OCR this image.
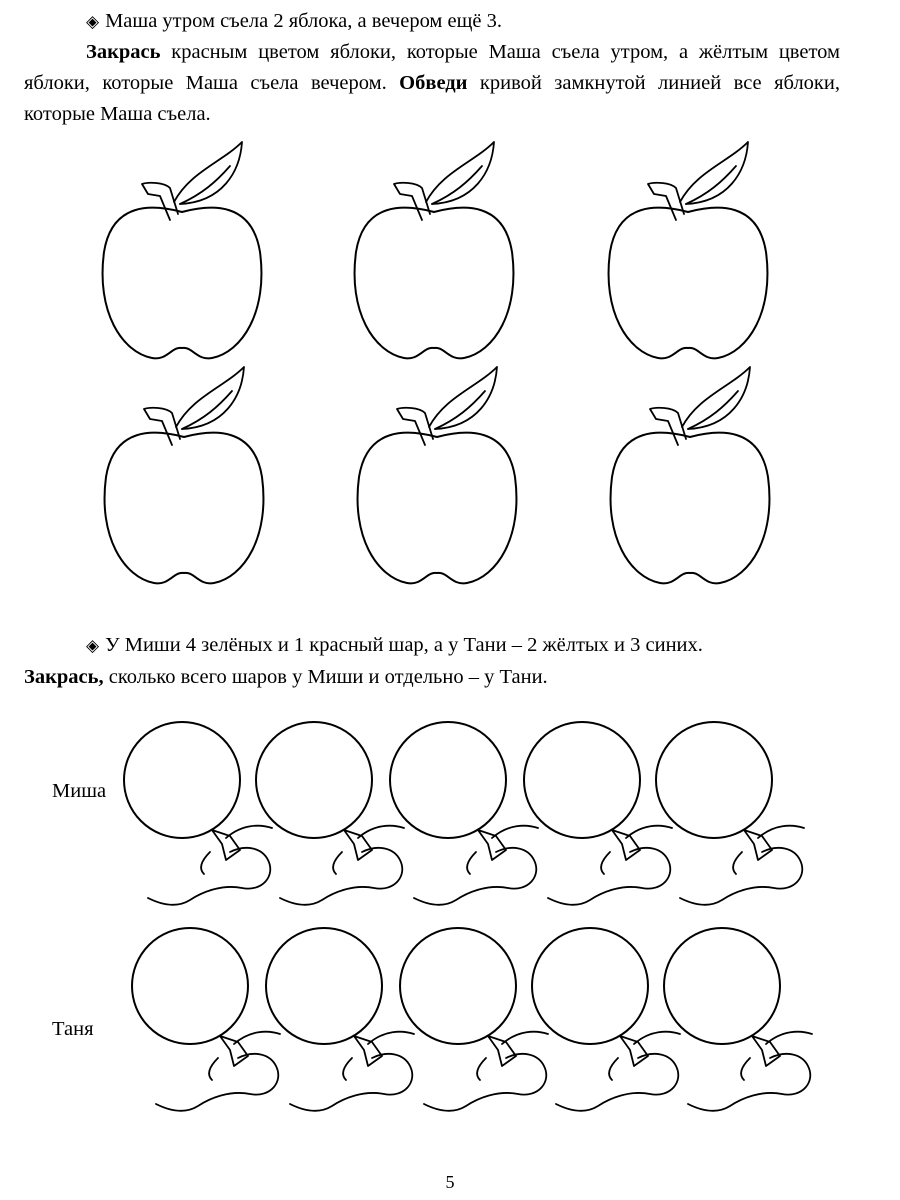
◈ Маша утром съела 2 яблока, а вечером ещё 3.

Закрась красным цветом яблоки, которые Маша съела утром, а жёлтым цветом яблоки, которые Маша съела вечером. Обведи кривой замкнутой линией все яблоки, которые Маша съела.

◈ У Миши 4 зелёных и 1 красный шар, а у Тани – 2 жёлтых и 3 синих.
Закрась, сколько всего шаров у Миши и отдельно – у Тани.

Миша
Таня
5
